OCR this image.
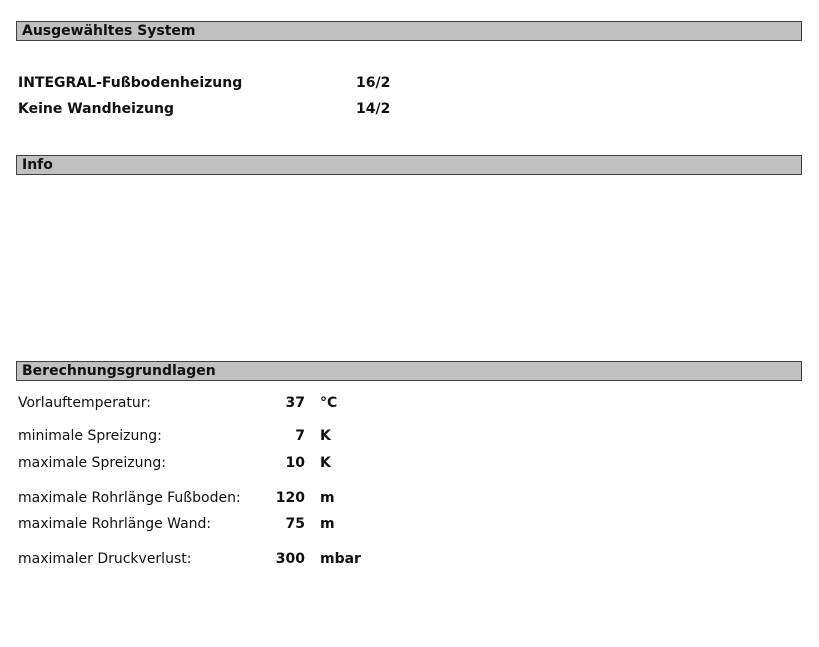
Ausgewähltes System
INTEGRAL-Fußbodenheizung	16/2
Keine Wandheizung	14/2
Info
Berechnungsgrundlagen
Vorlauftemperatur:	37 °C
minimale Spreizung:	7 K
maximale Spreizung:	10 K
maximale Rohrlänge Fußboden:	120 m
maximale Rohrlänge Wand:	75 m
maximaler Druckverlust:	300 mbar
